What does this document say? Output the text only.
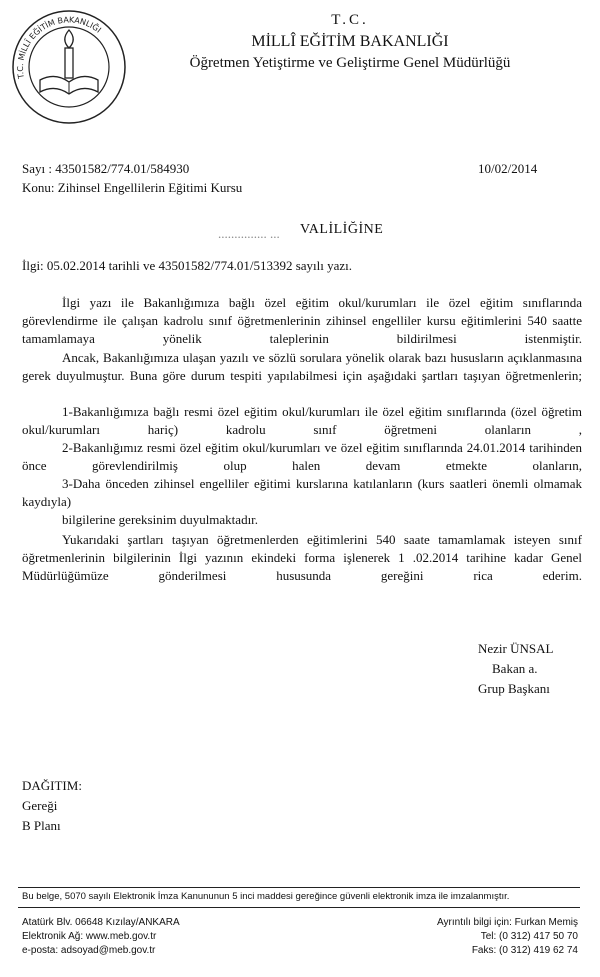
T.C. MİLLÎ EĞİTİM BAKANLIĞI
T.C.
MİLLÎ EĞİTİM BAKANLIĞI
Öğretmen Yetiştirme ve Geliştirme Genel Müdürlüğü
Sayı : 43501582/774.01/584930	10/02/2014
Konu: Zihinsel Engellilerin Eğitimi Kursu
............... ... VALİLİĞİNE
İlgi: 05.02.2014 tarihli ve 43501582/774.01/513392 sayılı yazı.
İlgi yazı ile Bakanlığımıza bağlı özel eğitim okul/kurumları ile özel eğitim sınıflarında görevlendirme ile çalışan kadrolu sınıf öğretmenlerinin zihinsel engelliler kursu eğitimlerini 540 saatte tamamlamaya yönelik taleplerinin bildirilmesi istenmiştir.
Ancak, Bakanlığımıza ulaşan yazılı ve sözlü sorulara yönelik olarak bazı hususların açıklanmasına gerek duyulmuştur. Buna göre durum tespiti yapılabilmesi için aşağıdaki şartları taşıyan öğretmenlerin;
1-Bakanlığımıza bağlı resmi özel eğitim okul/kurumları ile özel eğitim sınıflarında (özel öğretim okul/kurumları hariç) kadrolu sınıf öğretmeni olanların ,
2-Bakanlığımız resmi özel eğitim okul/kurumları ve özel eğitim sınıflarında 24.01.2014 tarihinden önce görevlendirilmiş olup halen devam etmekte olanların,
3-Daha önceden zihinsel engelliler eğitimi kurslarına katılanların (kurs saatleri önemli olmamak kaydıyla)
bilgilerine gereksinim duyulmaktadır.
Yukarıdaki şartları taşıyan öğretmenlerden eğitimlerini 540 saate tamamlamak isteyen sınıf öğretmenlerinin bilgilerinin İlgi yazının ekindeki forma işlenerek 1 .02.2014 tarihine kadar Genel Müdürlüğümüze gönderilmesi hususunda gereğini rica ederim.
Nezir ÜNSAL
Bakan a.
Grup Başkanı
DAĞITIM:
Gereği
B Planı
Bu belge, 5070 sayılı Elektronik İmza Kanununun 5 inci maddesi gereğince güvenli elektronik imza ile imzalanmıştır.
Atatürk Blv. 06648 Kızılay/ANKARA
Elektronik Ağ: www.meb.gov.tr
e-posta: adsoyad@meb.gov.tr
Ayrıntılı bilgi için: Furkan Memiş
Tel: (0 312) 417 50 70
Faks: (0 312) 419 62 74
